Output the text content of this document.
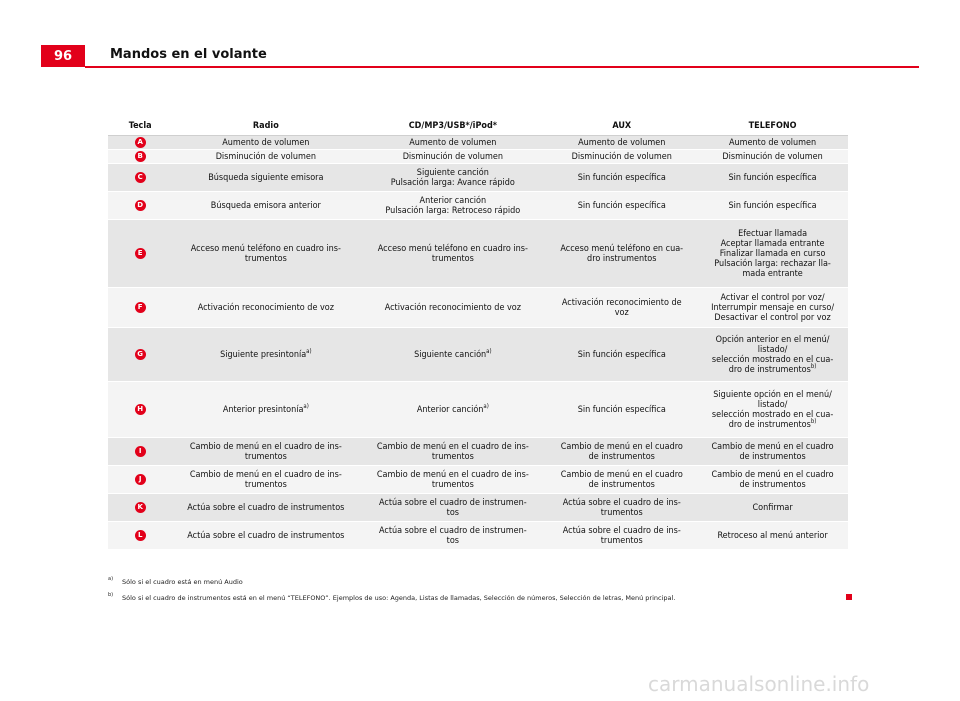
96	Mandos en el volante
Tecla	Radio	CD/MP3/USB*/iPod*	AUX	TELEFONO
A	Aumento de volumen	Aumento de volumen	Aumento de volumen	Aumento de volumen
B	Disminución de volumen	Disminución de volumen	Disminución de volumen	Disminución de volumen
C	Búsqueda siguiente emisora	Siguiente canción
Pulsación larga: Avance rápido	Sin función específica	Sin función específica
D	Búsqueda emisora anterior	Anterior canción
Pulsación larga: Retroceso rápido	Sin función específica	Sin función específica
E	Acceso menú teléfono en cuadro ins-
trumentos	Acceso menú teléfono en cuadro ins-
trumentos	Acceso menú teléfono en cua-
dro instrumentos	Efectuar llamada
Aceptar llamada entrante
Finalizar llamada en curso
Pulsación larga: rechazar lla-
mada entrante
F	Activación reconocimiento de voz	Activación reconocimiento de voz	Activación reconocimiento de
voz	Activar el control por voz/
Interrumpir mensaje en curso/
Desactivar el control por voz
G	Siguiente presintonía$^{a)}$	Siguiente canción$^{a)}$	Sin función específica	Opción anterior en el menú/
listado/
selección mostrado en el cua-
dro de instrumentos$^{b)}$
H	Anterior presintonía$^{a)}$	Anterior canción$^{a)}$	Sin función específica	Siguiente opción en el menú/
listado/
selección mostrado en el cua-
dro de instrumentos$^{b)}$
I	Cambio de menú en el cuadro de ins-
trumentos	Cambio de menú en el cuadro de ins-
trumentos	Cambio de menú en el cuadro
de instrumentos	Cambio de menú en el cuadro
de instrumentos
J	Cambio de menú en el cuadro de ins-
trumentos	Cambio de menú en el cuadro de ins-
trumentos	Cambio de menú en el cuadro
de instrumentos	Cambio de menú en el cuadro
de instrumentos
K	Actúa sobre el cuadro de instrumentos	Actúa sobre el cuadro de instrumen-
tos	Actúa sobre el cuadro de ins-
trumentos	Confirmar
L	Actúa sobre el cuadro de instrumentos	Actúa sobre el cuadro de instrumen-
tos	Actúa sobre el cuadro de ins-
trumentos	Retroceso al menú anterior
a)	Sólo si el cuadro está en menú Audio
b)	Sólo si el cuadro de instrumentos está en el menú “TELEFONO”. Ejemplos de uso: Agenda, Listas de llamadas, Selección de números, Selección de letras, Menú principal.
carmanualsonline.info
